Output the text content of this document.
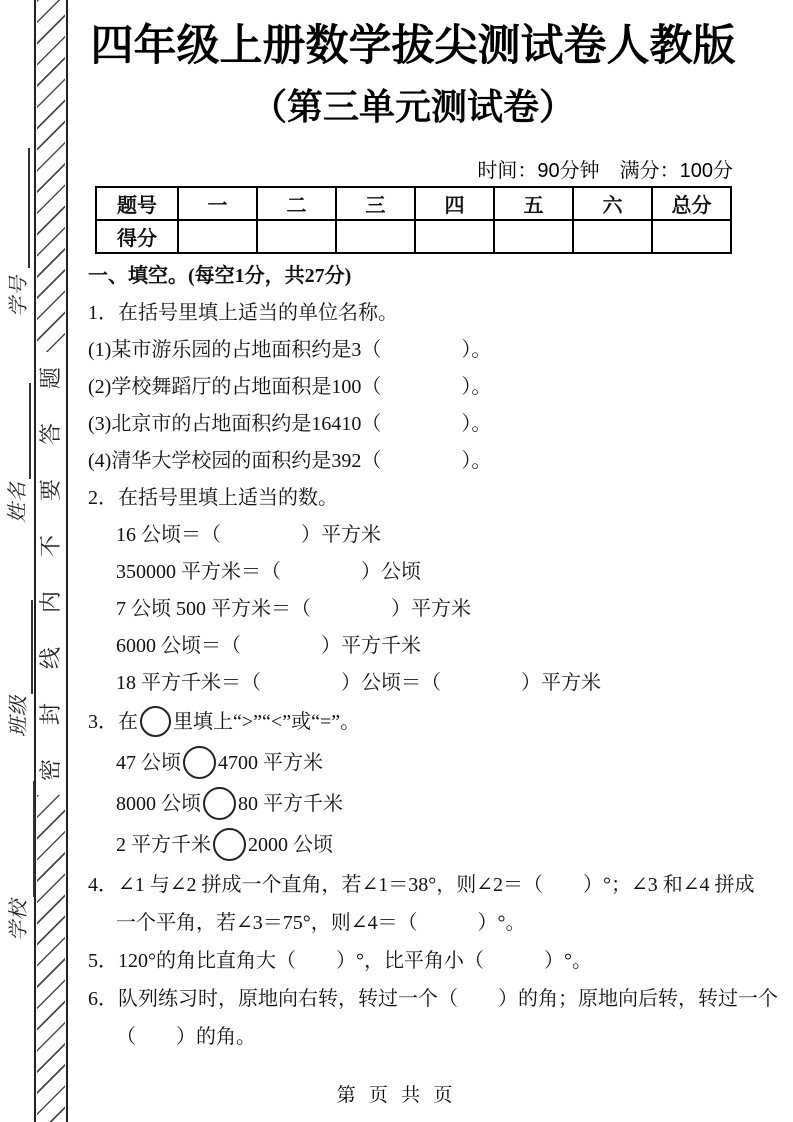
题
答
要
不
内
线
封
密
学号
姓名
班级
学校
四年级上册数学拔尖测试卷人教版
（第三单元测试卷）
时间：90分钟　满分：100分
题号	一	二	三	四	五	六	总分
得分							
一、填空。(每空1分，共27分)
1．在括号里填上适当的单位名称。
(1)某市游乐园的占地面积约是3（　　　　）。
(2)学校舞蹈厅的占地面积是100（　　　　）。
(3)北京市的占地面积约是16410（　　　　）。
(4)清华大学校园的面积约是392（　　　　）。
2．在括号里填上适当的数。
16 公顷＝（　　　　）平方米
350000 平方米＝（　　　　）公顷
7 公顷 500 平方米＝（　　　　）平方米
6000 公顷＝（　　　　）平方千米
18 平方千米＝（　　　　）公顷＝（　　　　）平方米
3．在 里填上“>”“<”或“=”。
47 公顷 4700 平方米
8000 公顷 80 平方千米
2 平方千米 2000 公顷
4．∠1 与∠2 拼成一个直角，若∠1＝38°，则∠2＝（　　）°；∠3 和∠4 拼成
一个平角，若∠3＝75°，则∠4＝（　　　）°。
5．120°的角比直角大（　　）°，比平角小（　　　）°。
6．队列练习时，原地向右转，转过一个（　　）的角；原地向后转，转过一个
（　　）的角。
第 页 共 页
